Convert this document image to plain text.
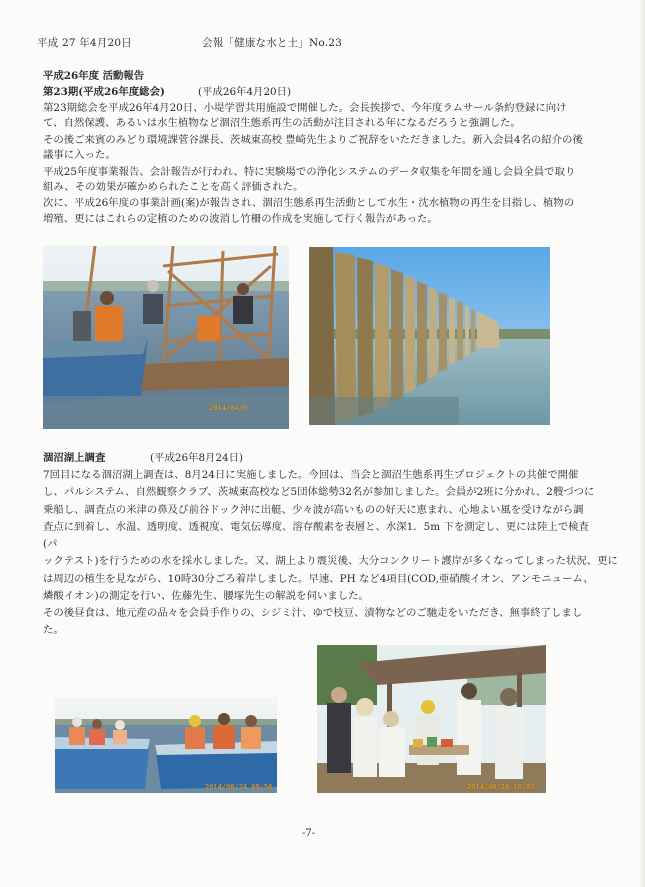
平成 27 年4月20日	会報「健康な水と土」No.23
平成26年度 活動報告
第23期(平成26年度総会)	(平成26年4月20日)
第23期総会を平成26年4月20日、小堤学習共用施設で開催した。会長挨拶で、今年度ラムサール条約登録に向け
て、自然保護、あるいは水生植物など涸沼生態系再生の活動が注目される年になるだろうと強調した。
その後ご来賓のみどり環境課菅谷課長、茨城東高校 豊崎先生よりご祝辞をいただきました。新入会員4名の紹介の後
議事に入った。
平成25年度事業報告、会計報告が行われ、特に実験場での浄化システムのデータ収集を年間を通し会員全員で取り
組み、その効果が確かめられたことを高く評価された。
次に、平成26年度の事業計画(案)が報告され、涸沼生態系再生活動として水生・沈水植物の再生を目指し、植物の
増殖、更にはこれらの定植のための波消し竹柵の作成を実施して行く報告があった。
2014/04/0
涸沼湖上調査	(平成26年8月24日)
7回目になる涸沼湖上調査は、8月24日に実施しました。今回は、当会と涸沼生態系再生プロジェクトの共催で開催
し、パルシステム、自然観察クラブ、茨城東高校など5団体総勢32名が参加しました。会員が2班に分かれ、2艘づつに
乗船し、調査点の米津の鼻及び前谷ドック沖に出艇、少々波が高いものの好天に恵まれ、心地よい風を受けながら調
査点に到着し、水温、透明度、透視度、電気伝導度、溶存酸素を表層と、水深1．5m 下を測定し、更には陸上で検査
(パ
ックテスト)を行うための水を採水しました。又、湖上より震災後、大分コンクリート護岸が多くなってしまった状況、更に
は周辺の植生を見ながら、10時30分ごろ着岸しました。早速、PH など4項目(COD,亜硝酸イオン、アンモニューム、
燐酸イオン)の測定を行い、佐藤先生、腰塚先生の解説を伺いました。
その後昼食は、地元産の品々を会員手作りの、シジミ汁、ゆで枝豆、漬物などのご馳走をいただき、無事終了しまし
た。
2014/08/24 09:56	2014/08/24 10:37
-7-
